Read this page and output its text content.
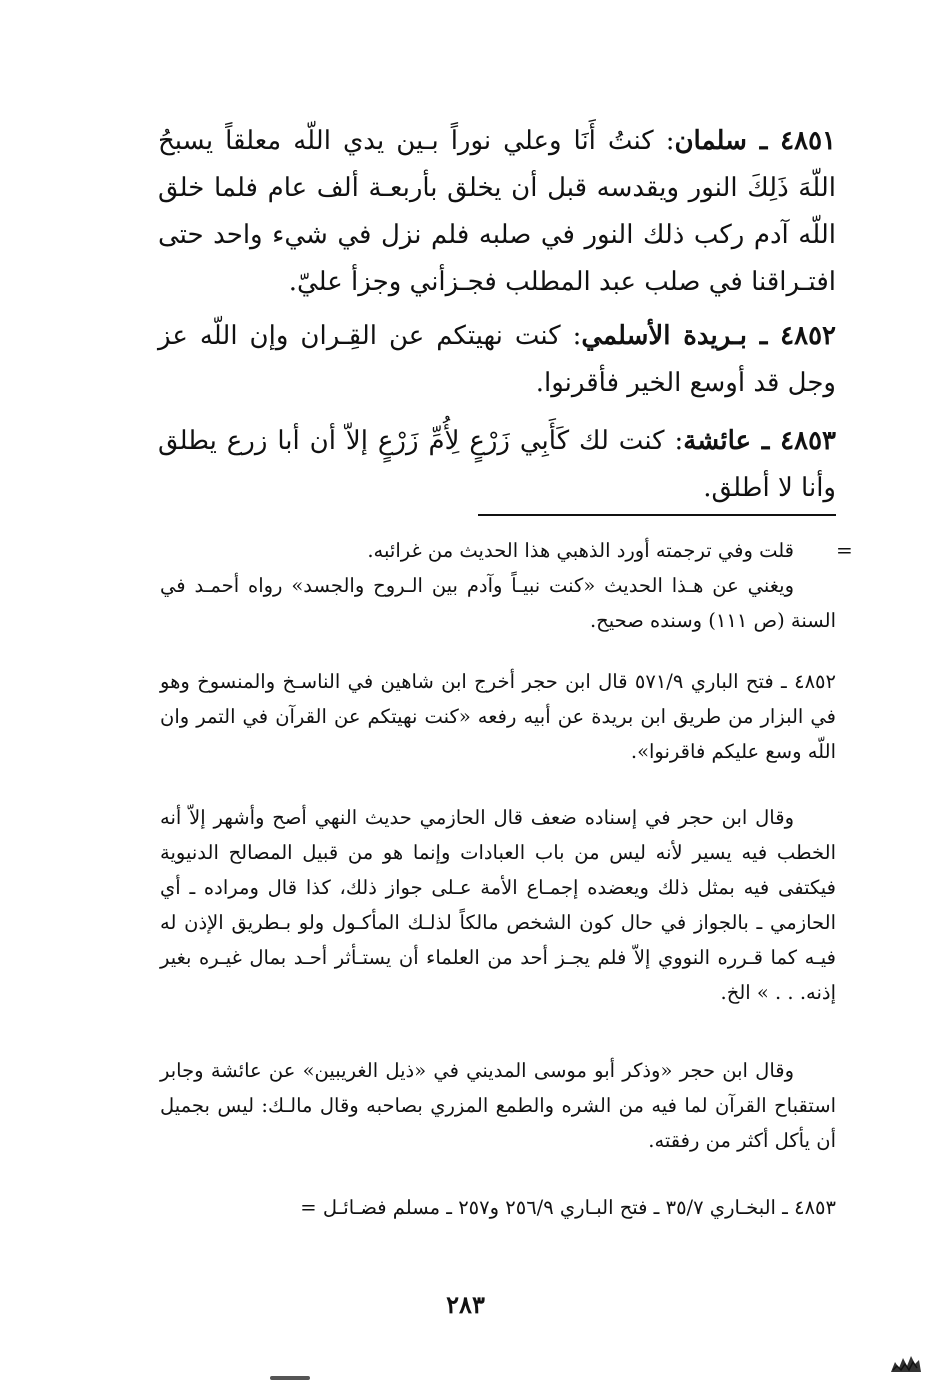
٤٨٥١ ـ سلمان: كنتُ أَنَا وعلي نوراً بـين يدي اللّه معلقاً يسبحُ اللّهَ ذَلِكَ النور ويقدسه قبل أن يخلق بأربعـة ألف عام فلما خلق اللّه آدم ركب ذلك النور في صلبه فلم نزل في شيء واحد حتى افتـراقنا في صلب عبد المطلب فجـزأني وجزأ عليّ.
٤٨٥٢ ـ بـريدة الأسلمي: كنت نهيتكم عن القِـران وإن اللّه عز وجل قد أوسع الخير فأقرنوا.
٤٨٥٣ ـ عائشة: كنت لك كَأَبِي زَرْعٍ لِأُمِّ زَرْعٍ إلاّ أن أبا زرع يطلق وأنا لا أطلق.
=
قلت وفي ترجمته أورد الذهبي هذا الحديث من غرائبه.
ويغني عن هـذا الحديث «كنت نبيـاً وآدم بين الـروح والجسد» رواه أحمـد في السنة (ص ١١١) وسنده صحيح.
٤٨٥٢ ـ فتح الباري ٥٧١/٩ قال ابن حجر أخرج ابن شاهين في الناسـخ والمنسوخ وهو في البزار من طريق ابن بريدة عن أبيه رفعه «كنت نهيتكم عن القرآن في التمر وان اللّه وسع عليكم فاقرنوا».
وقال ابن حجر في إسناده ضعف قال الحازمي حديث النهي أصح وأشهر إلاّ أنه الخطب فيه يسير لأنه ليس من باب العبادات وإنما هو من قبيل المصالح الدنيوية فيكتفى فيه بمثل ذلك ويعضده إجمـاع الأمة عـلى جواز ذلك، كذا قال ومراده ـ أي الحازمي ـ بالجواز في حال كون الشخص مالكاً لذلـك المأكـول ولو بـطريق الإذن له فيـه كما قـرره النووي إلاّ فلم يجـز أحد من العلماء أن يستـأثر أحـد بمال غيـره بغير إذنه. . . » الخ.
وقال ابن حجر «وذكر أبو موسى المديني في «ذيل الغريبين» عن عائشة وجابر استقباح القرآن لما فيه من الشره والطمع المزري بصاحبه وقال مالـك: ليس بجميل أن يأكل أكثر من رفقته.
٤٨٥٣ ـ البخـاري ٣٥/٧ ـ فتح البـاري ٢٥٦/٩ و٢٥٧ ـ مسلم فضـائـل =
٢٨٣
